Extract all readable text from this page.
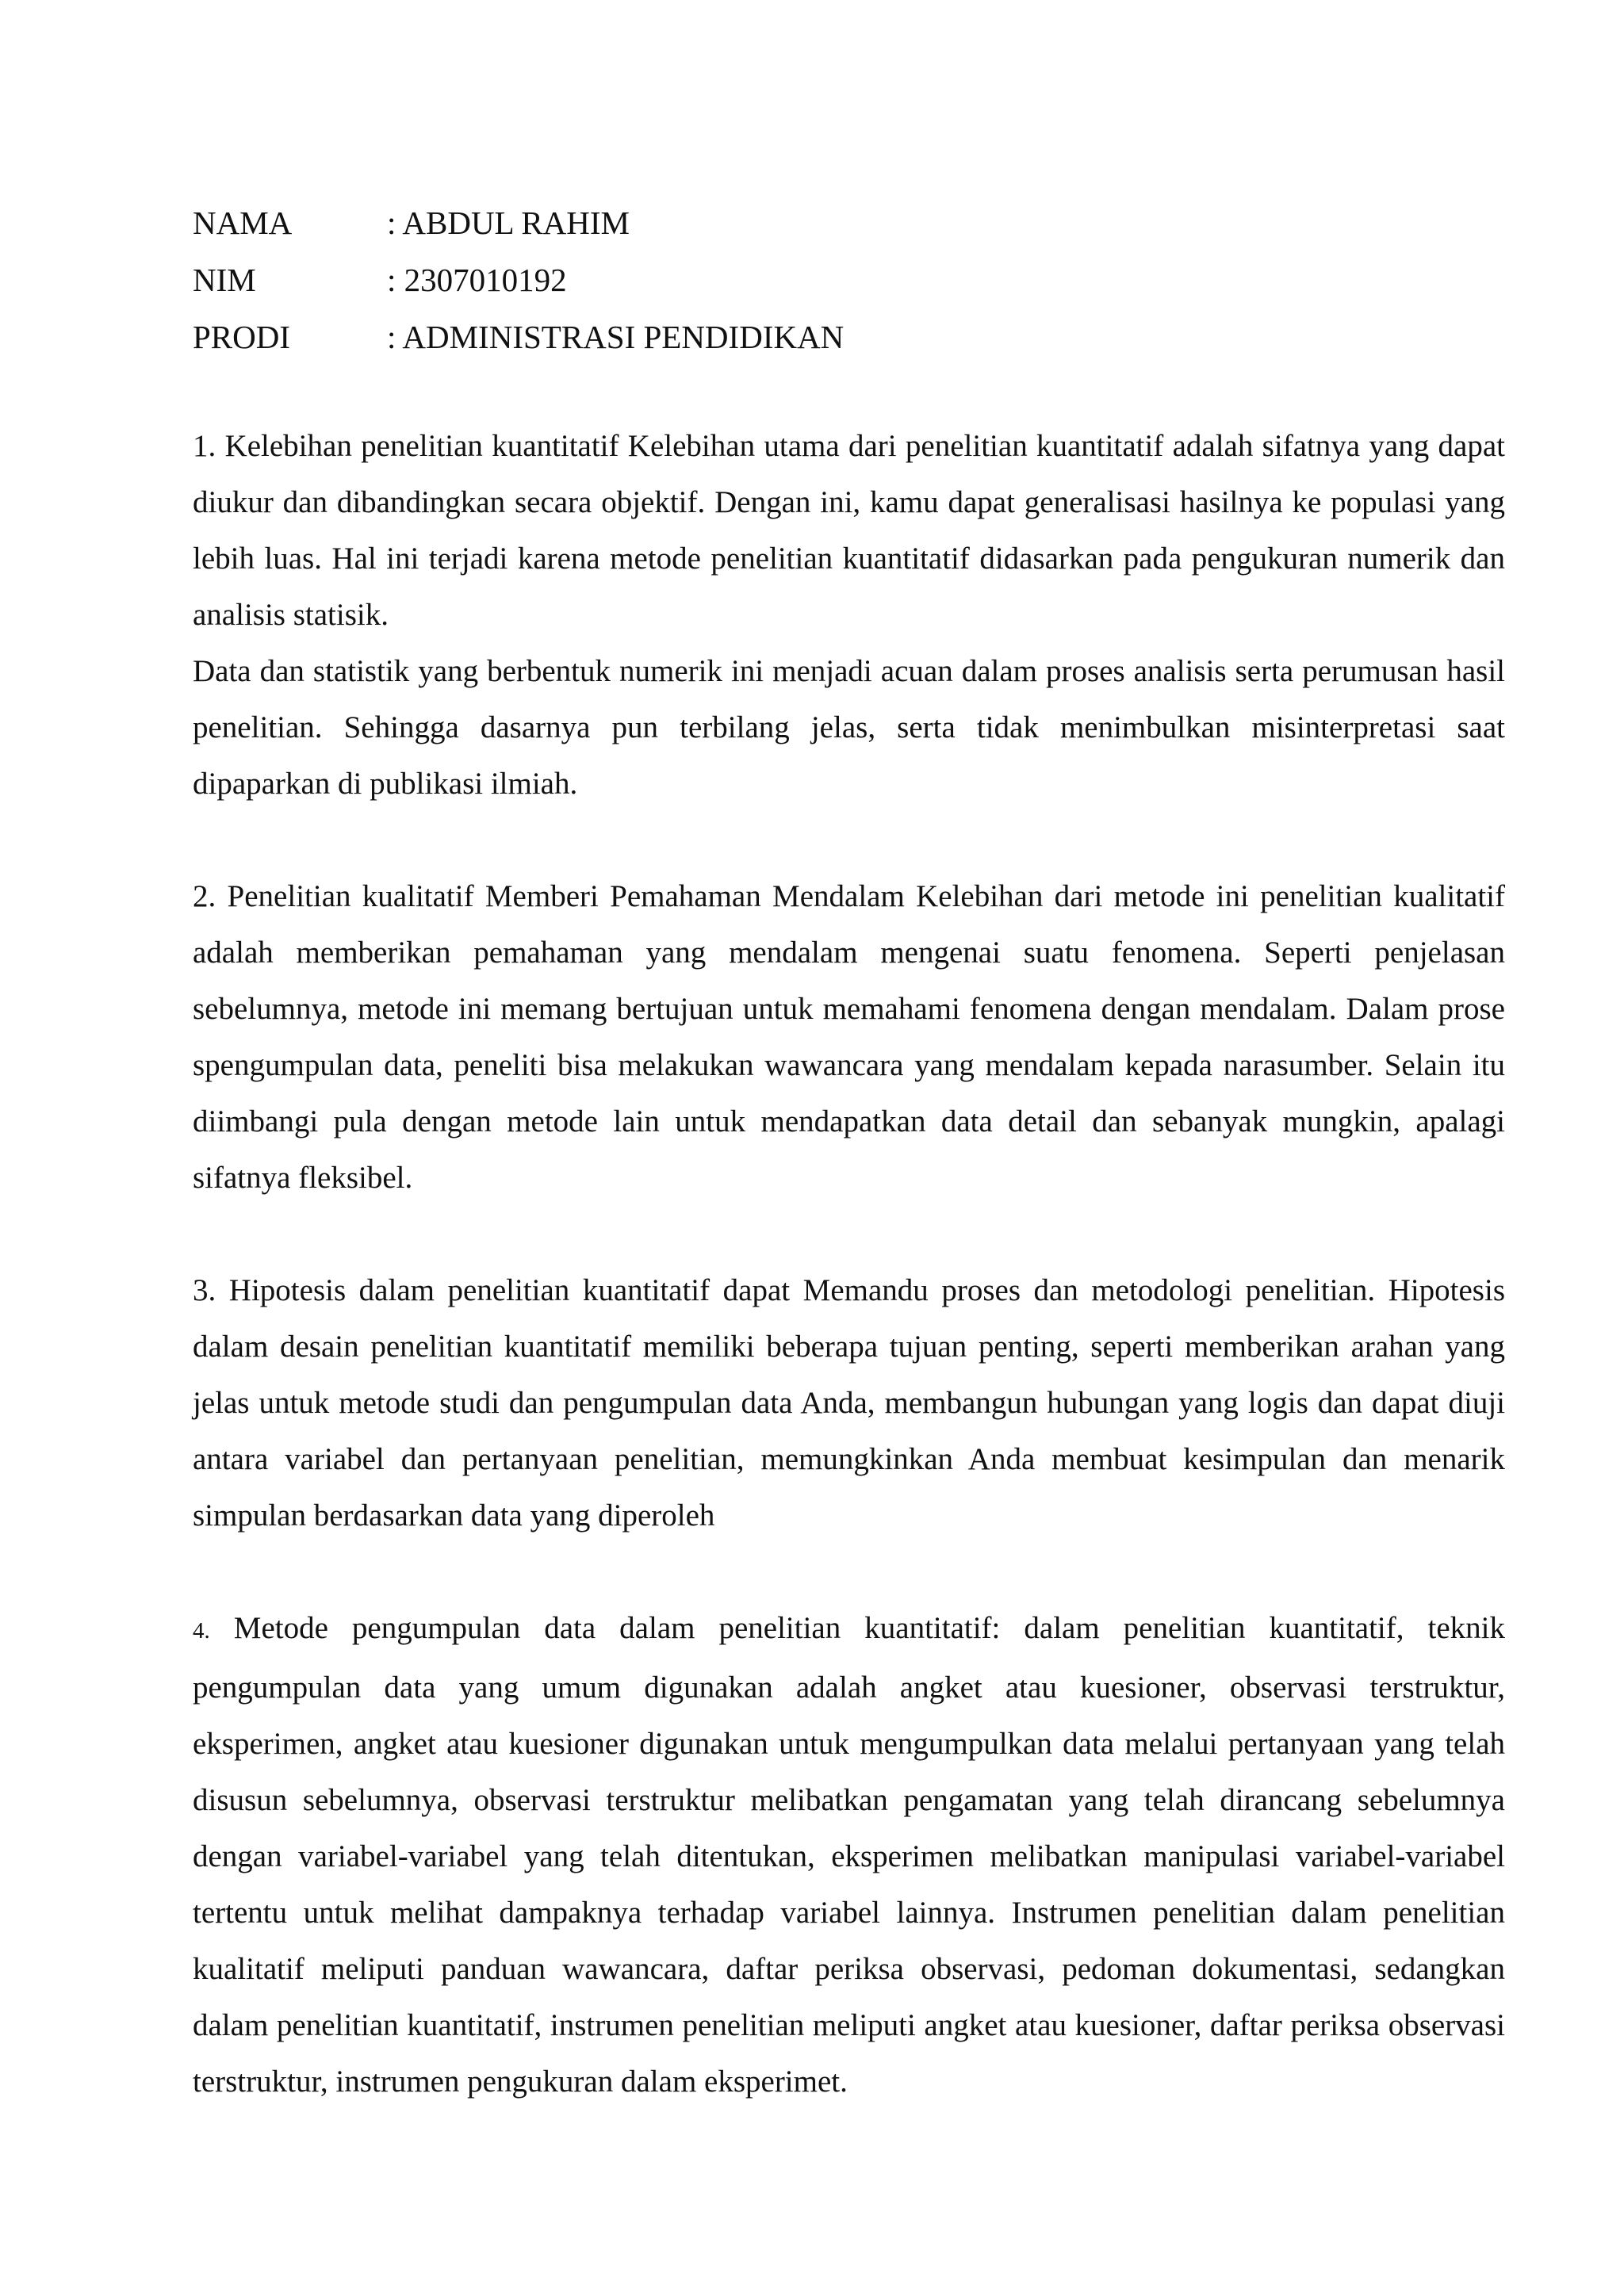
NAMA	: ABDUL RAHIM
NIM	: 2307010192
PRODI	: ADMINISTRASI PENDIDIKAN

1. Kelebihan penelitian kuantitatif Kelebihan utama dari penelitian kuantitatif adalah sifatnya yang dapat diukur dan dibandingkan secara objektif. Dengan ini, kamu dapat generalisasi hasilnya ke populasi yang lebih luas. Hal ini terjadi karena metode penelitian kuantitatif didasarkan pada pengukuran numerik dan analisis statisik.

Data dan statistik yang berbentuk numerik ini menjadi acuan dalam proses analisis serta perumusan hasil penelitian. Sehingga dasarnya pun terbilang jelas, serta tidak menimbulkan misinterpretasi saat dipaparkan di publikasi ilmiah.

2. Penelitian kualitatif Memberi Pemahaman Mendalam Kelebihan dari metode ini penelitian kualitatif adalah memberikan pemahaman yang mendalam mengenai suatu fenomena. Seperti penjelasan sebelumnya, metode ini memang bertujuan untuk memahami fenomena dengan mendalam. Dalam prose spengumpulan data, peneliti bisa melakukan wawancara yang mendalam kepada narasumber. Selain itu diimbangi pula dengan metode lain untuk mendapatkan data detail dan sebanyak mungkin, apalagi sifatnya fleksibel.

3. Hipotesis dalam penelitian kuantitatif dapat Memandu proses dan metodologi penelitian. Hipotesis dalam desain penelitian kuantitatif memiliki beberapa tujuan penting, seperti memberikan arahan yang jelas untuk metode studi dan pengumpulan data Anda, membangun hubungan yang logis dan dapat diuji antara variabel dan pertanyaan penelitian, memungkinkan Anda membuat kesimpulan dan menarik simpulan berdasarkan data yang diperoleh

4. Metode pengumpulan data dalam penelitian kuantitatif: dalam penelitian kuantitatif, teknik pengumpulan data yang umum digunakan adalah angket atau kuesioner, observasi terstruktur, eksperimen, angket atau kuesioner digunakan untuk mengumpulkan data melalui pertanyaan yang telah disusun sebelumnya, observasi terstruktur melibatkan pengamatan yang telah dirancang sebelumnya dengan variabel-variabel yang telah ditentukan, eksperimen melibatkan manipulasi variabel-variabel tertentu untuk melihat dampaknya terhadap variabel lainnya. Instrumen penelitian dalam penelitian kualitatif meliputi panduan wawancara, daftar periksa observasi, pedoman dokumentasi, sedangkan dalam penelitian kuantitatif, instrumen penelitian meliputi angket atau kuesioner, daftar periksa observasi terstruktur, instrumen pengukuran dalam eksperimet.
